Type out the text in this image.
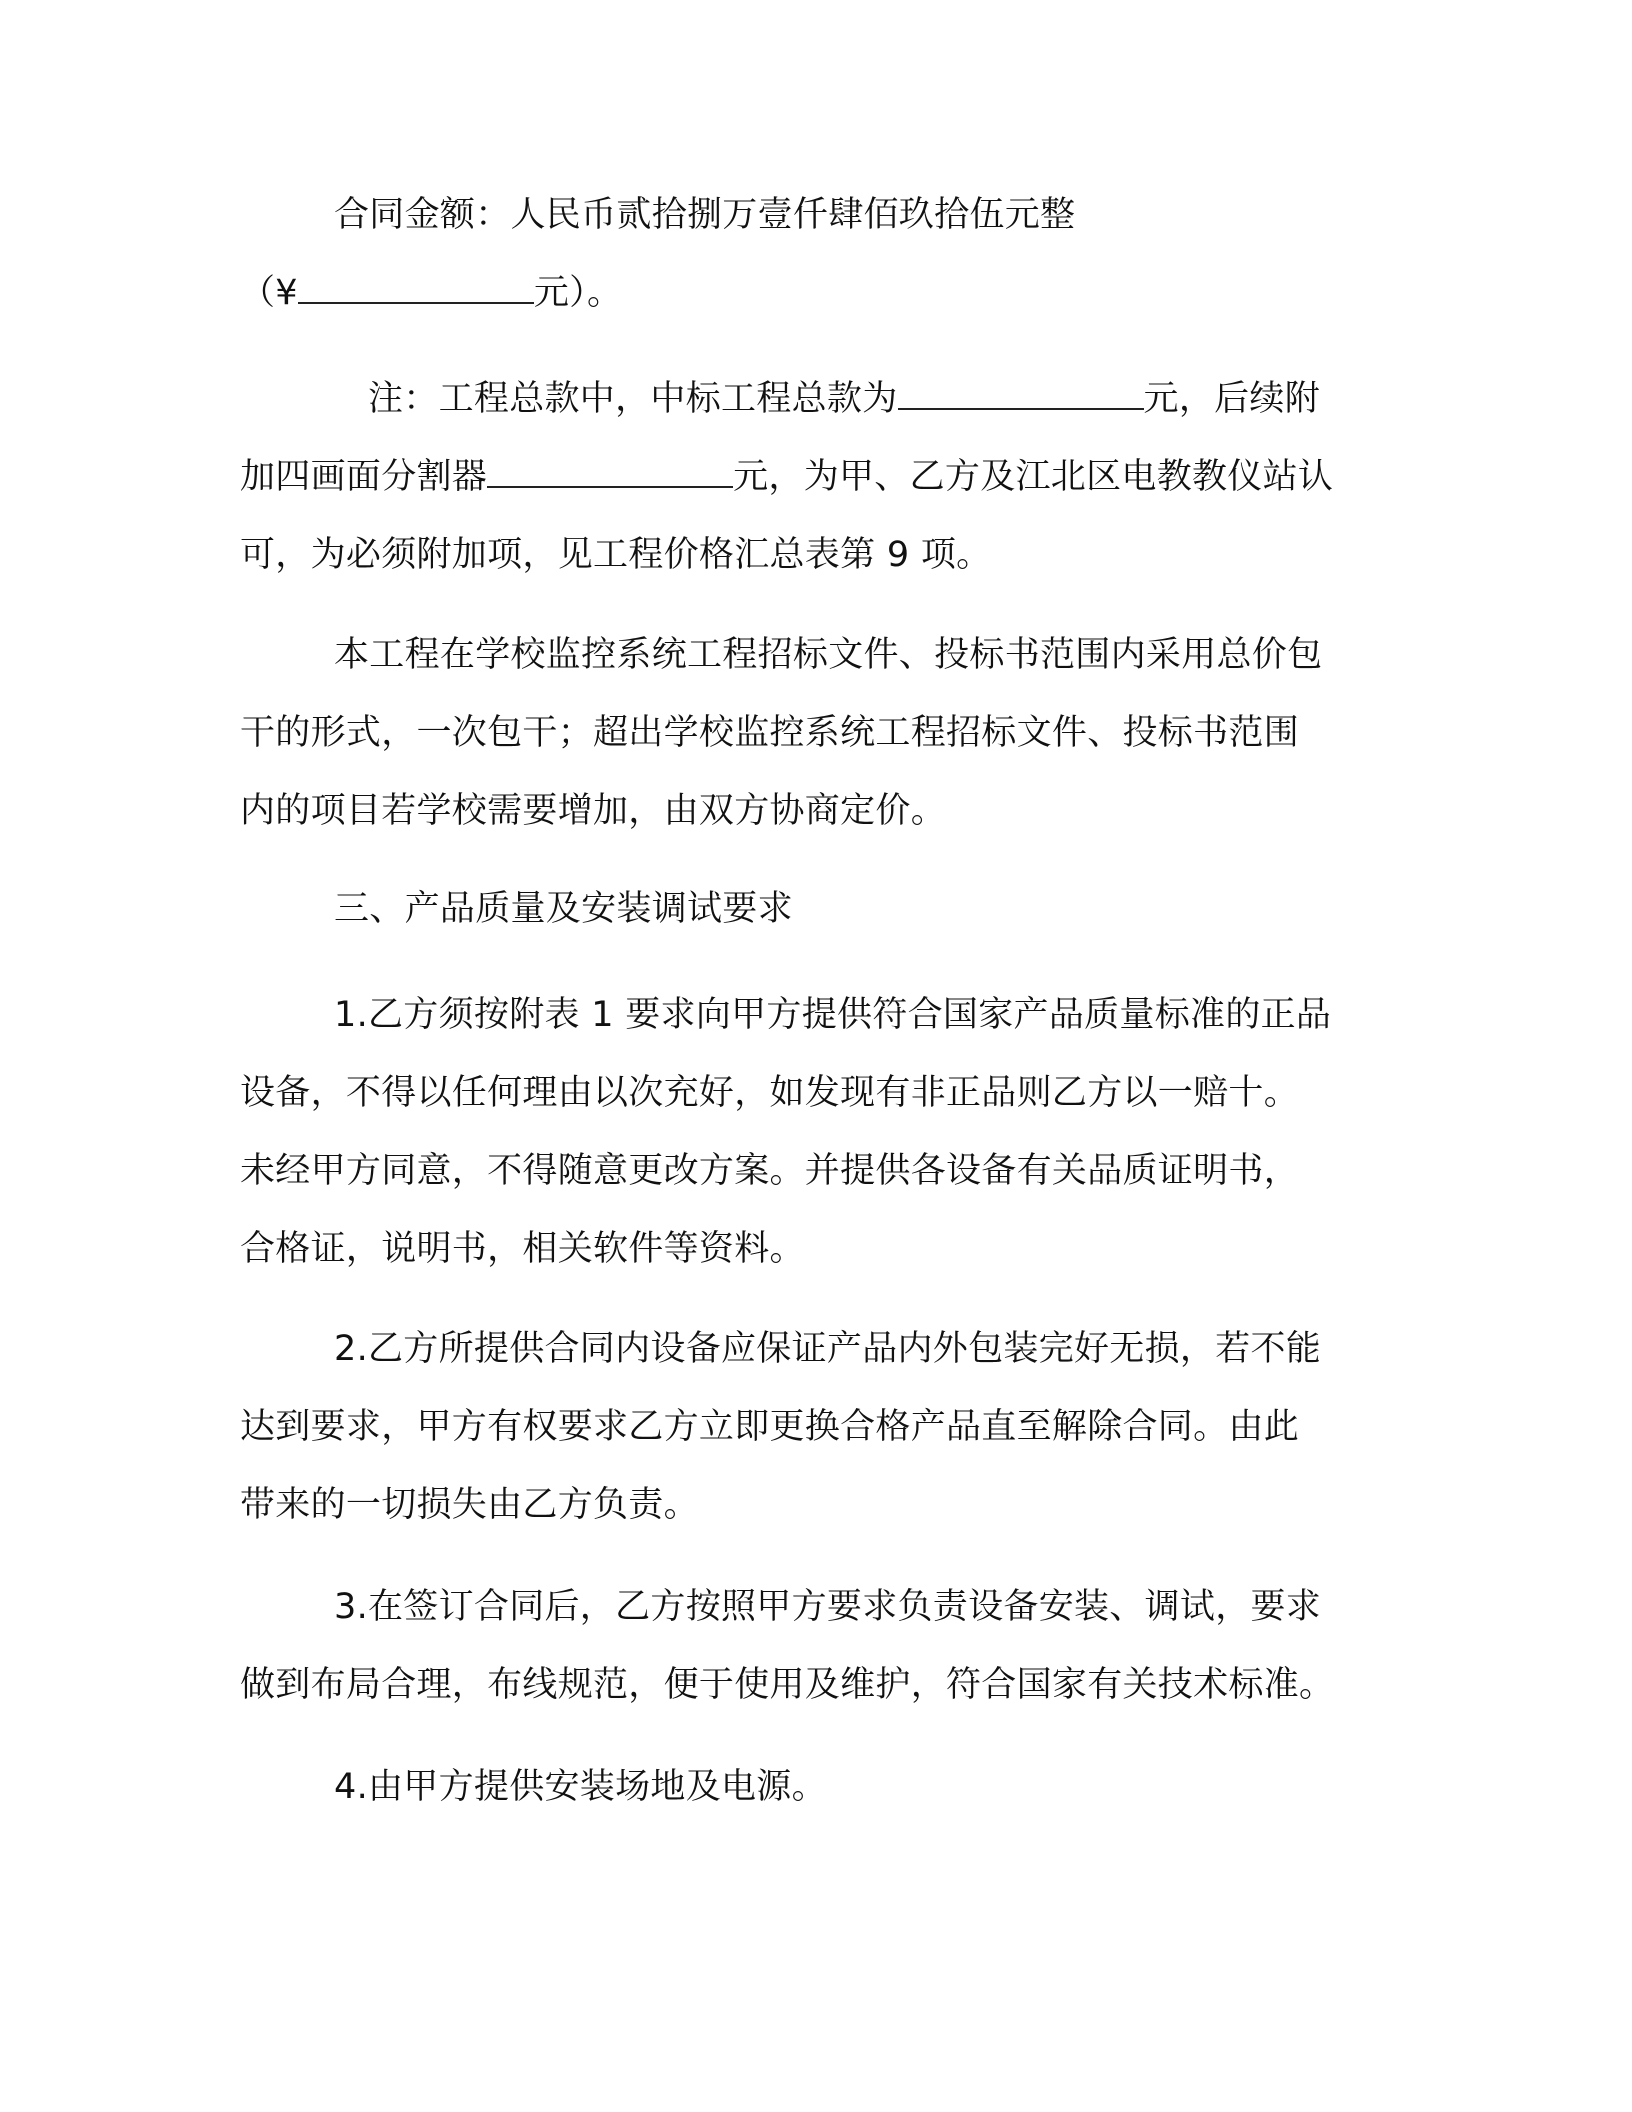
合同金额：人民币贰拾捌万壹仟肆佰玖拾伍元整
（¥	元）。
注：工程总款中，中标工程总款为	元，后续附
加四画面分割器	元，为甲、乙方及江北区电教教仪站认
可，为必须附加项，见工程价格汇总表第 9 项。
本工程在学校监控系统工程招标文件、投标书范围内采用总价包
干的形式，一次包干；超出学校监控系统工程招标文件、投标书范围
内的项目若学校需要增加，由双方协商定价。
三、产品质量及安装调试要求
1.乙方须按附表 1 要求向甲方提供符合国家产品质量标准的正品
设备，不得以任何理由以次充好，如发现有非正品则乙方以一赔十。
未经甲方同意，不得随意更改方案。并提供各设备有关品质证明书，
合格证，说明书，相关软件等资料。
2.乙方所提供合同内设备应保证产品内外包装完好无损，若不能
达到要求，甲方有权要求乙方立即更换合格产品直至解除合同。由此
带来的一切损失由乙方负责。
3.在签订合同后，乙方按照甲方要求负责设备安装、调试，要求
做到布局合理，布线规范，便于使用及维护，符合国家有关技术标准。
4.由甲方提供安装场地及电源。
